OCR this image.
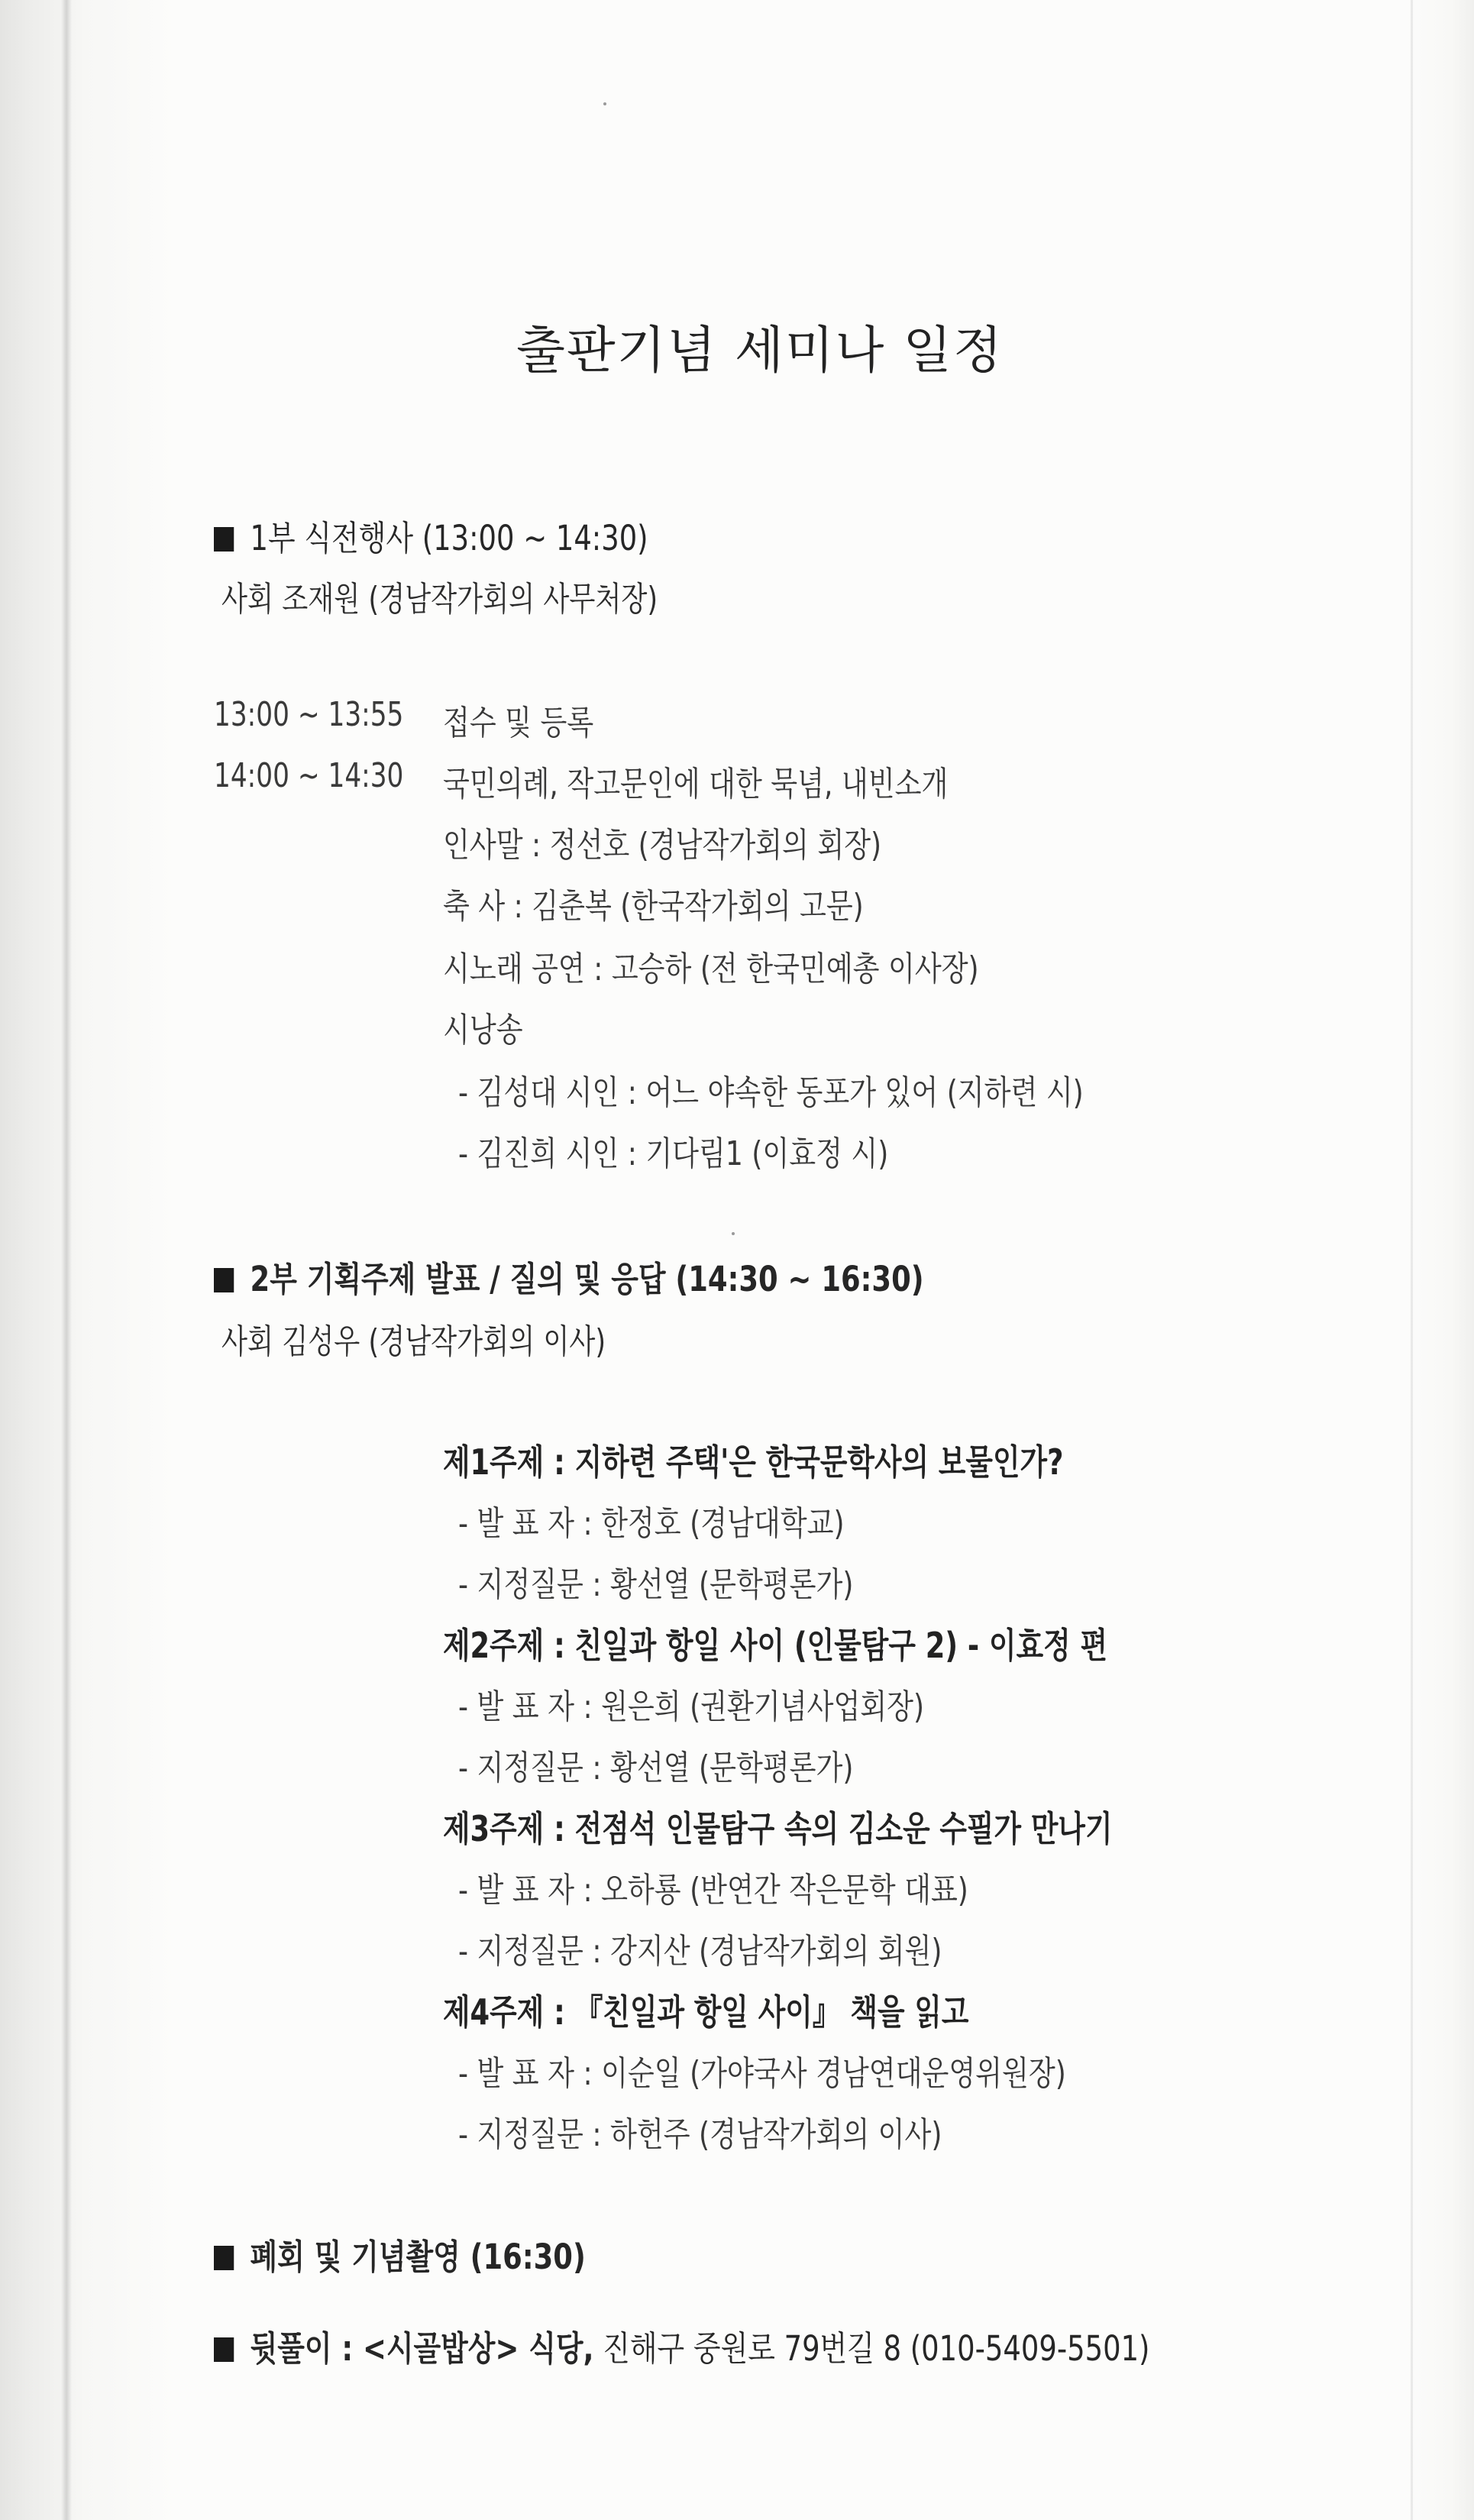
출판기념 세미나 일정
1부 식전행사 (13:00 ~ 14:30)
사회 조재원 (경남작가회의 사무처장)
13:00 ~ 13:55 접수 및 등록
14:00 ~ 14:30 국민의례, 작고문인에 대한 묵념, 내빈소개
인사말 : 정선호 (경남작가회의 회장)
축 사 : 김춘복 (한국작가회의 고문)
시노래 공연 : 고승하 (전 한국민예총 이사장)
시낭송
- 김성대 시인 : 어느 야속한 동포가 있어 (지하련 시)
- 김진희 시인 : 기다림1 (이효정 시)
2부 기획주제 발표 / 질의 및 응답 (14:30 ~ 16:30)
사회 김성우 (경남작가회의 이사)
제1주제 : 지하련 주택'은 한국문학사의 보물인가?
- 발 표 자 : 한정호 (경남대학교)
- 지정질문 : 황선열 (문학평론가)
제2주제 : 친일과 항일 사이 (인물탐구 2) - 이효정 편
- 발 표 자 : 원은희 (권환기념사업회장)
- 지정질문 : 황선열 (문학평론가)
제3주제 : 전점석 인물탐구 속의 김소운 수필가 만나기
- 발 표 자 : 오하룡 (반연간 작은문학 대표)
- 지정질문 : 강지산 (경남작가회의 회원)
제4주제 : 『친일과 항일 사이』 책을 읽고
- 발 표 자 : 이순일 (가야국사 경남연대운영위원장)
- 지정질문 : 하헌주 (경남작가회의 이사)
폐회 및 기념촬영 (16:30)
뒷풀이 : <시골밥상> 식당, 진해구 중원로 79번길 8 (010-5409-5501)
